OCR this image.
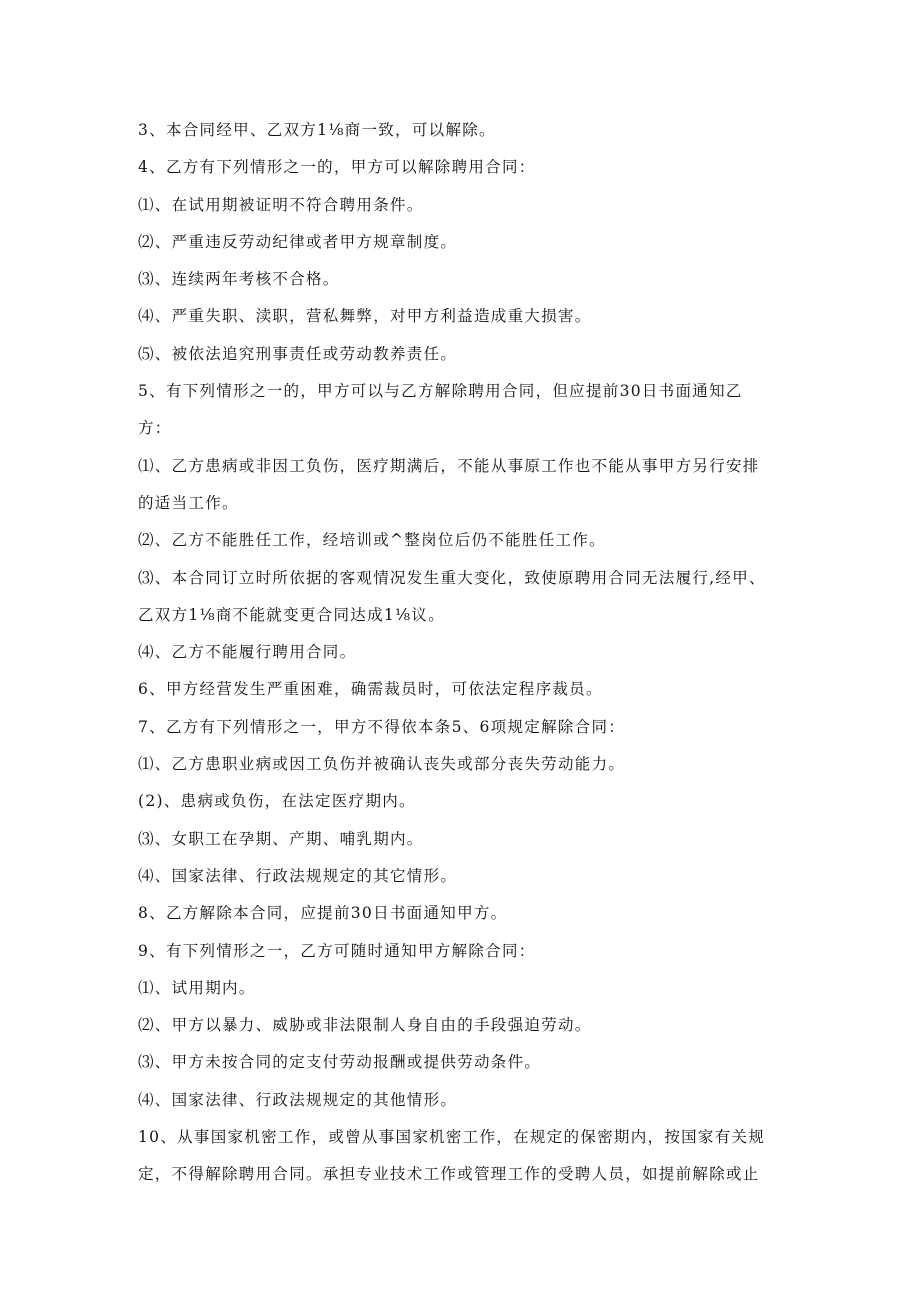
3、本合同经甲、乙双方1⅛商一致，可以解除。
4、乙方有下列情形之一的，甲方可以解除聘用合同：
⑴、在试用期被证明不符合聘用条件。
⑵、严重违反劳动纪律或者甲方规章制度。
⑶、连续两年考核不合格。
⑷、严重失职、渎职，营私舞弊，对甲方利益造成重大损害。
⑸、被依法追究刑事责任或劳动教养责任。
5、有下列情形之一的，甲方可以与乙方解除聘用合同，但应提前30日书面通知乙
方：
⑴、乙方患病或非因工负伤，医疗期满后，不能从事原工作也不能从事甲方另行安排
的适当工作。
⑵、乙方不能胜任工作，经培训或^整岗位后仍不能胜任工作。
⑶、本合同订立时所依据的客观情况发生重大变化，致使原聘用合同无法履行,经甲、
乙双方1⅛商不能就变更合同达成1⅛议。
⑷、乙方不能履行聘用合同。
6、甲方经营发生严重困难，确需裁员时，可依法定程序裁员。
7、乙方有下列情形之一，甲方不得依本条5、6项规定解除合同：
⑴、乙方患职业病或因工负伤并被确认丧失或部分丧失劳动能力。
(2)、患病或负伤，在法定医疗期内。
⑶、女职工在孕期、产期、哺乳期内。
⑷、国家法律、行政法规规定的其它情形。
8、乙方解除本合同，应提前30日书面通知甲方。
9、有下列情形之一，乙方可随时通知甲方解除合同：
⑴、试用期内。
⑵、甲方以暴力、威胁或非法限制人身自由的手段强迫劳动。
⑶、甲方未按合同的定支付劳动报酬或提供劳动条件。
⑷、国家法律、行政法规规定的其他情形。
10、从事国家机密工作，或曾从事国家机密工作，在规定的保密期内，按国家有关规
定，不得解除聘用合同。承担专业技术工作或管理工作的受聘人员，如提前解除或止
